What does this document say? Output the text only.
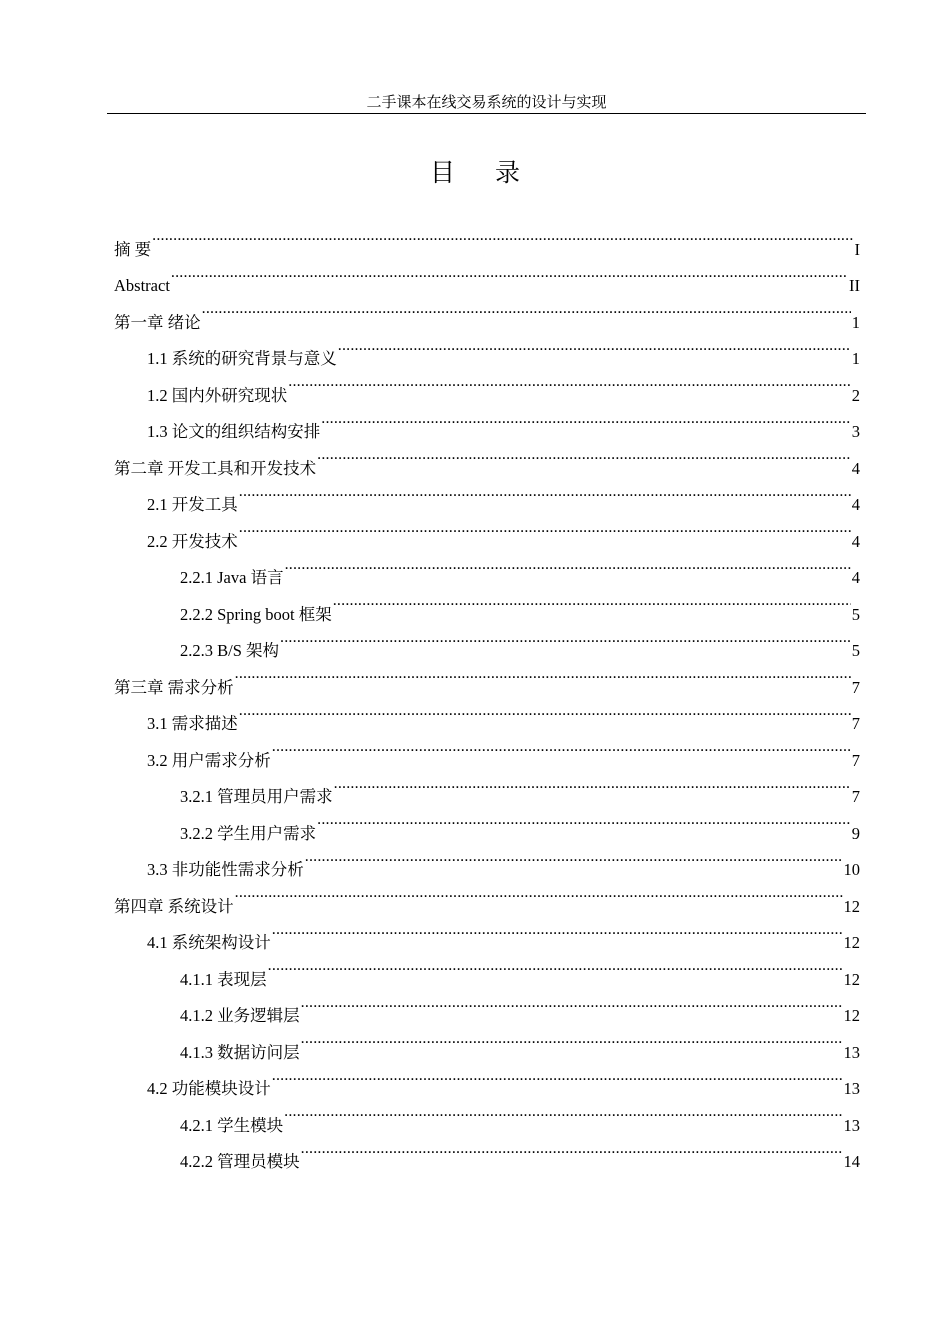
二手课本在线交易系统的设计与实现
目 录
摘 要 .....	I
Abstract .....	II
第一章 绪论 .....	1
1.1 系统的研究背景与意义 .....	1
1.2 国内外研究现状 .....	2
1.3 论文的组织结构安排 .....	3
第二章 开发工具和开发技术 .....	4
2.1 开发工具 .....	4
2.2 开发技术 .....	4
2.2.1 Java 语言 .....	4
2.2.2 Spring boot 框架 .....	5
2.2.3 B/S 架构 .....	5
第三章 需求分析 .....	7
3.1 需求描述 .....	7
3.2 用户需求分析 .....	7
3.2.1 管理员用户需求 .....	7
3.2.2 学生用户需求 .....	9
3.3 非功能性需求分析 .....	10
第四章 系统设计 .....	12
4.1 系统架构设计 .....	12
4.1.1 表现层 .....	12
4.1.2 业务逻辑层 .....	12
4.1.3 数据访问层 .....	13
4.2 功能模块设计 .....	13
4.2.1 学生模块 .....	13
4.2.2 管理员模块 .....	14
